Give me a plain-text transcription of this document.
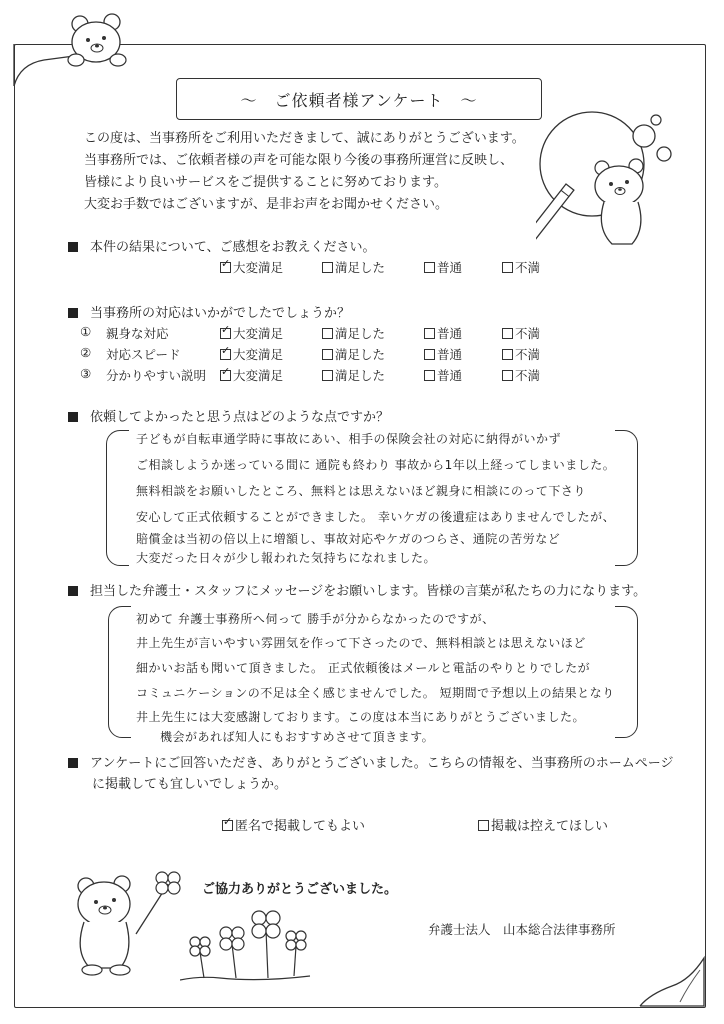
～　ご依頼者様アンケート　～
この度は、当事務所をご利用いただきまして、誠にありがとうございます。
当事務所では、ご依頼者様の声を可能な限り今後の事務所運営に反映し、
皆様により良いサービスをご提供することに努めております。
大変お手数ではございますが、是非お声をお聞かせください。
本件の結果について、ご感想をお教えください。
✓大変満足	満足した	普通	不満
当事務所の対応はいかがでしたでしょうか？
① 親身な対応 ✓	大変満足	満足した	普通	不満
② 対応スピード ✓	大変満足	満足した	普通	不満
③ 分かりやすい説明 ✓	大変満足	満足した	普通	不満
依頼してよかったと思う点はどのような点ですか？
子どもが自転車通学時に事故にあい、相手の保険会社の対応に納得がいかず
ご相談しようか迷っている間に 通院も終わり 事故から1年以上経ってしまいました。
無料相談をお願いしたところ、無料とは思えないほど親身に相談にのって下さり
安心して正式依頼することができました。 幸いケガの後遺症はありませんでしたが、
賠償金は当初の倍以上に増額し、事故対応やケガのつらさ、通院の苦労など
大変だった日々が少し報われた気持ちになれました。
担当した弁護士・スタッフにメッセージをお願いします。皆様の言葉が私たちの力になります。
初めて 弁護士事務所へ伺って 勝手が分からなかったのですが、
井上先生が言いやすい雰囲気を作って下さったので、無料相談とは思えないほど
細かいお話も聞いて頂きました。 正式依頼後はメールと電話のやりとりでしたが
コミュニケーションの不足は全く感じませんでした。 短期間で予想以上の結果となり
井上先生には大変感謝しております。この度は本当にありがとうございました。
機会があれば知人にもおすすめさせて頂きます。
アンケートにご回答いただき、ありがとうございました。こちらの情報を、当事務所のホームページ
に掲載しても宜しいでしょうか。
✓匿名で掲載してもよい	掲載は控えてほしい
ご協力ありがとうございました。
弁護士法人　山本総合法律事務所
